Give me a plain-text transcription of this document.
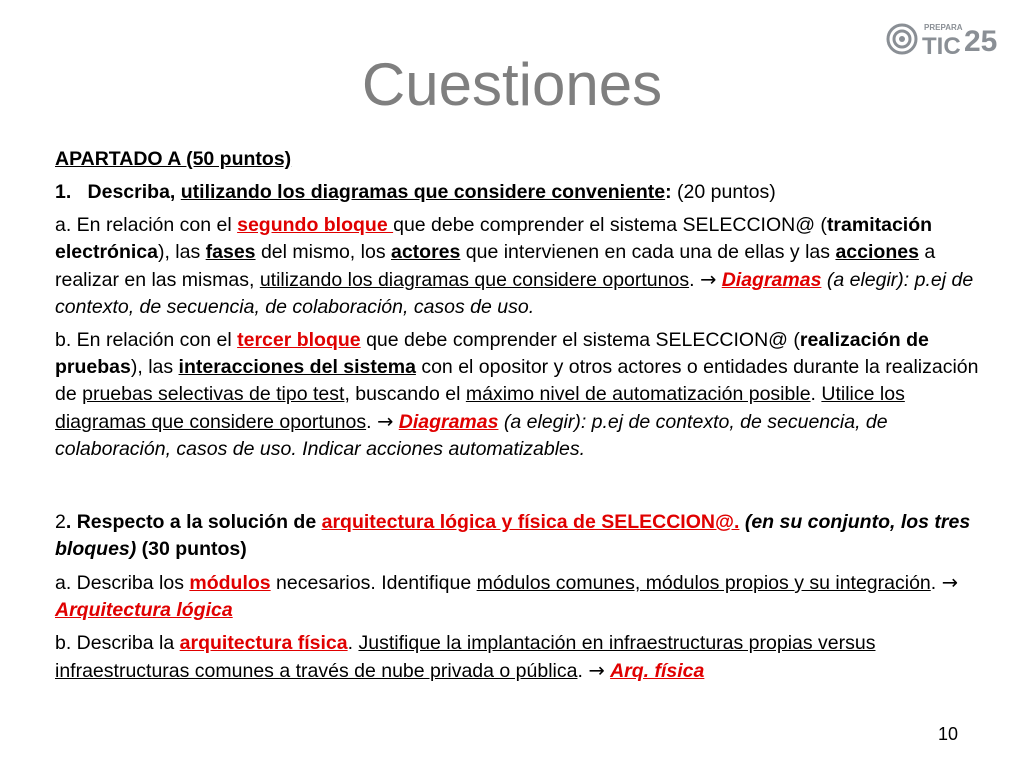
Cuestiones
PREPARA
TIC 25

APARTADO A (50 puntos)

1. Describa, utilizando los diagramas que considere conveniente: (20 puntos)

a. En relación con el segundo bloque que debe comprender el sistema SELECCION@ (tramitación electrónica), las fases del mismo, los actores que intervienen en cada una de ellas y las acciones a realizar en las mismas, utilizando los diagramas que considere oportunos. → Diagramas (a elegir): p.ej de contexto, de secuencia, de colaboración, casos de uso.

b. En relación con el tercer bloque que debe comprender el sistema SELECCION@ (realización de pruebas), las interacciones del sistema con el opositor y otros actores o entidades durante la realización de pruebas selectivas de tipo test, buscando el máximo nivel de automatización posible. Utilice los diagramas que considere oportunos. → Diagramas (a elegir): p.ej de contexto, de secuencia, de colaboración, casos de uso. Indicar acciones automatizables.

2. Respecto a la solución de arquitectura lógica y física de SELECCION@. (en su conjunto, los tres bloques) (30 puntos)

a. Describa los módulos necesarios. Identifique módulos comunes, módulos propios y su integración. → Arquitectura lógica

b. Describa la arquitectura física. Justifique la implantación en infraestructuras propias versus infraestructuras comunes a través de nube privada o pública. → Arq. física

10
